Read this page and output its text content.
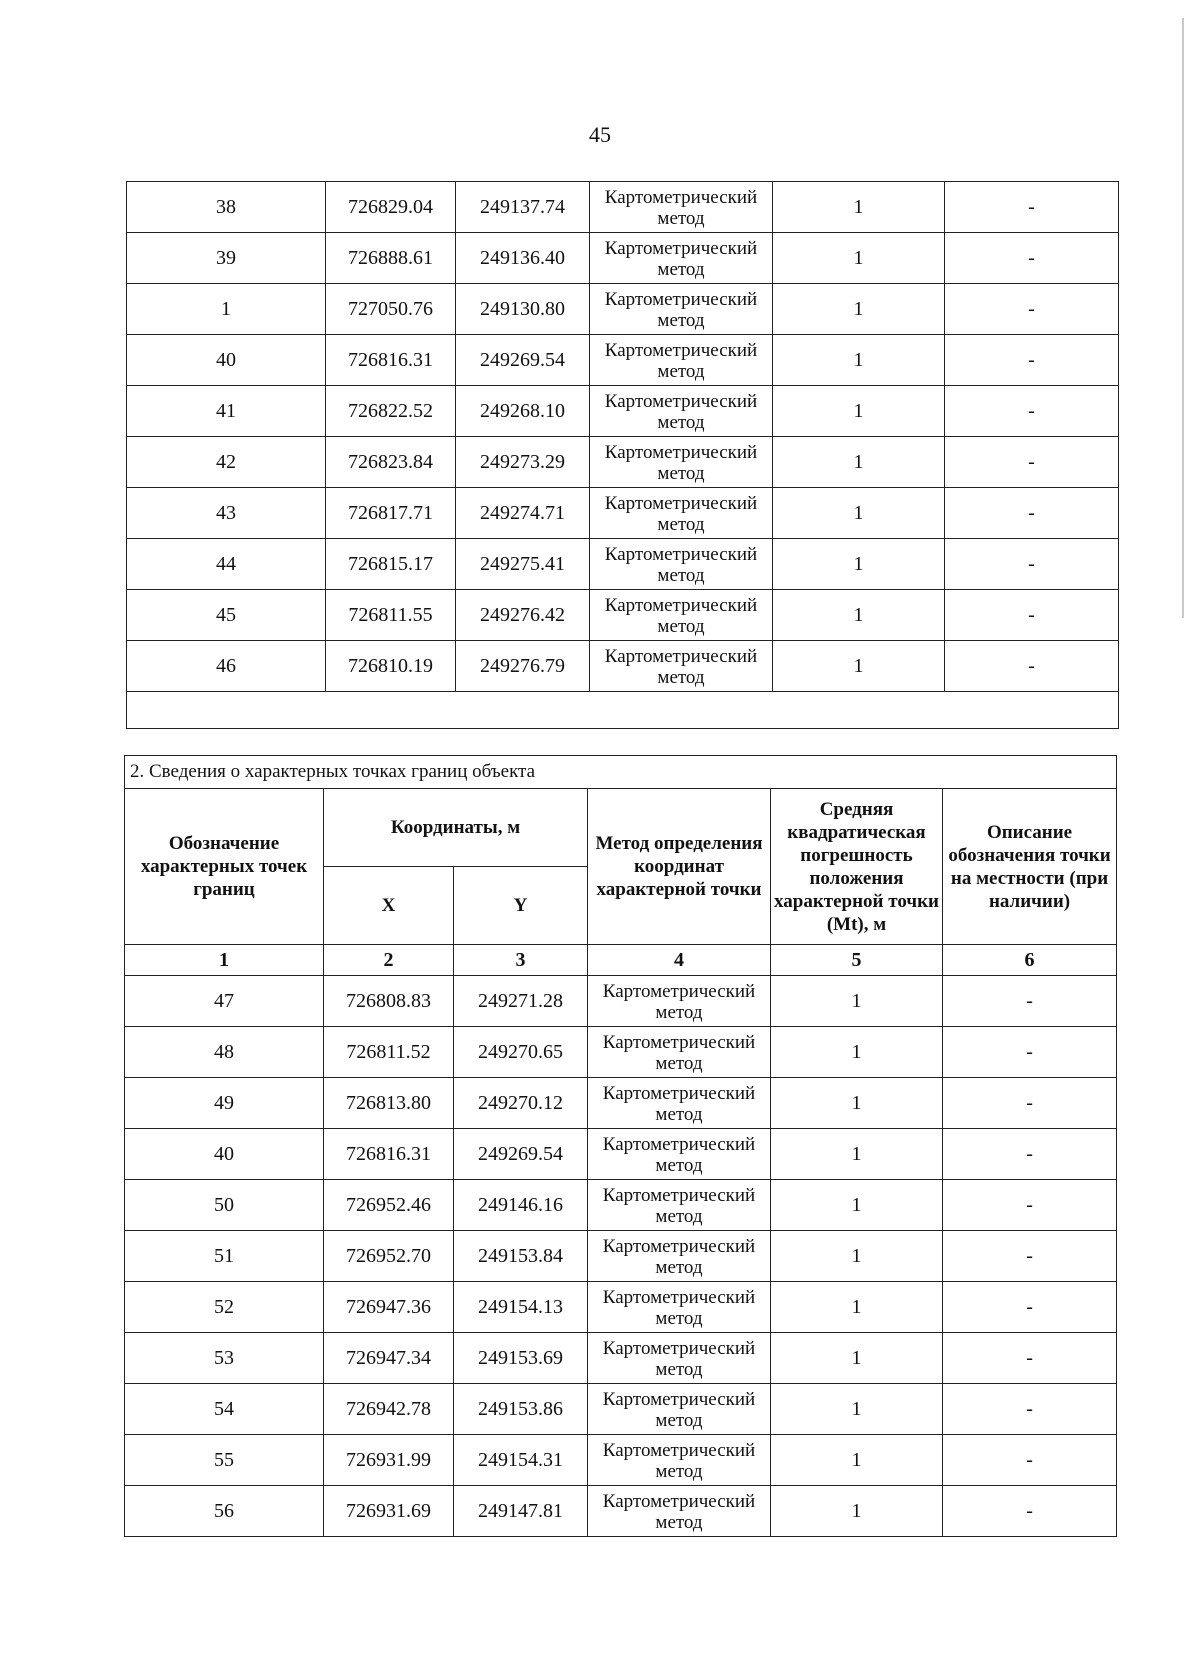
45
38	726829.04	249137.74	Картометрический метод	1	-
39	726888.61	249136.40	Картометрический метод	1	-
1	727050.76	249130.80	Картометрический метод	1	-
40	726816.31	249269.54	Картометрический метод	1	-
41	726822.52	249268.10	Картометрический метод	1	-
42	726823.84	249273.29	Картометрический метод	1	-
43	726817.71	249274.71	Картометрический метод	1	-
44	726815.17	249275.41	Картометрический метод	1	-
45	726811.55	249276.42	Картометрический метод	1	-
46	726810.19	249276.79	Картометрический метод	1	-

2. Сведения о характерных точках границ объекта					
Обозначение характерных точек границ	Координаты, м		Метод определения координат характерной точки	Средняя квадратическая погрешность положения характерной точки (Mt), м	Описание обозначения точки на местности (при наличии)
	X	Y			
1	2	3	4	5	6
47	726808.83	249271.28	Картометрический метод	1	-
48	726811.52	249270.65	Картометрический метод	1	-
49	726813.80	249270.12	Картометрический метод	1	-
40	726816.31	249269.54	Картометрический метод	1	-
50	726952.46	249146.16	Картометрический метод	1	-
51	726952.70	249153.84	Картометрический метод	1	-
52	726947.36	249154.13	Картометрический метод	1	-
53	726947.34	249153.69	Картометрический метод	1	-
54	726942.78	249153.86	Картометрический метод	1	-
55	726931.99	249154.31	Картометрический метод	1	-
56	726931.69	249147.81	Картометрический метод	1	-
